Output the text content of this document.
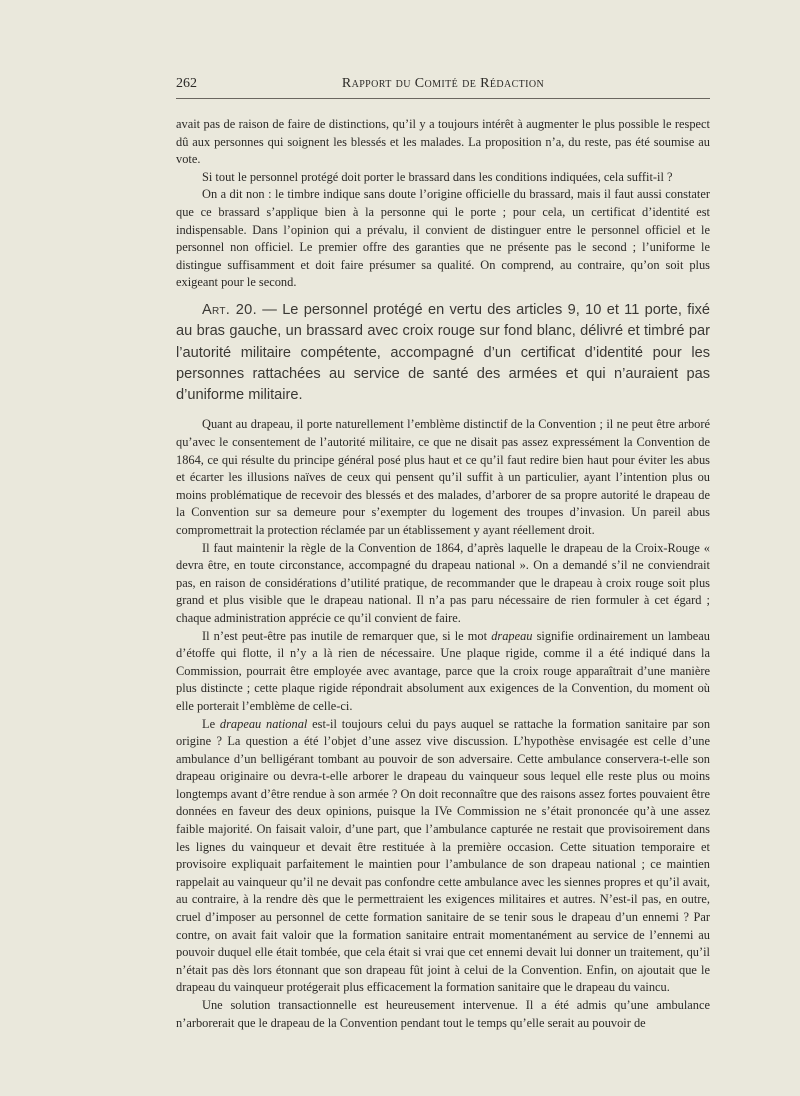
262	Rapport du Comité de Rédaction

avait pas de raison de faire de distinctions, qu’il y a toujours intérêt à augmenter le plus possible le respect dû aux personnes qui soignent les blessés et les malades. La proposition n’a, du reste, pas été soumise au vote.

Si tout le personnel protégé doit porter le brassard dans les conditions indiquées, cela suffit-il ?

On a dit non : le timbre indique sans doute l’origine officielle du brassard, mais il faut aussi constater que ce brassard s’applique bien à la personne qui le porte ; pour cela, un certificat d’identité est indispensable. Dans l’opinion qui a prévalu, il convient de distinguer entre le personnel officiel et le personnel non officiel. Le premier offre des garanties que ne présente pas le second ; l’uniforme le distingue suffisamment et doit faire présumer sa qualité. On comprend, au contraire, qu’on soit plus exigeant pour le second.

Art. 20. — Le personnel protégé en vertu des articles 9, 10 et 11 porte, fixé au bras gauche, un brassard avec croix rouge sur fond blanc, délivré et timbré par l’autorité militaire compétente, accompagné d’un certificat d’identité pour les personnes rattachées au service de santé des armées et qui n’auraient pas d’uniforme militaire.

Quant au drapeau, il porte naturellement l’emblème distinctif de la Convention ; il ne peut être arboré qu’avec le consentement de l’autorité militaire, ce que ne disait pas assez expressément la Convention de 1864, ce qui résulte du principe général posé plus haut et ce qu’il faut redire bien haut pour éviter les abus et écarter les illusions naïves de ceux qui pensent qu’il suffit à un particulier, ayant l’intention plus ou moins problématique de recevoir des blessés et des malades, d’arborer de sa propre autorité le drapeau de la Convention sur sa demeure pour s’exempter du logement des troupes d’invasion. Un pareil abus compromettrait la protection réclamée par un établissement y ayant réellement droit.

Il faut maintenir la règle de la Convention de 1864, d’après laquelle le drapeau de la Croix-Rouge « devra être, en toute circonstance, accompagné du drapeau national ». On a demandé s’il ne conviendrait pas, en raison de considérations d’utilité pratique, de recommander que le drapeau à croix rouge soit plus grand et plus visible que le drapeau national. Il n’a pas paru nécessaire de rien formuler à cet égard ; chaque administration apprécie ce qu’il convient de faire.

Il n’est peut-être pas inutile de remarquer que, si le mot drapeau signifie ordinairement un lambeau d’étoffe qui flotte, il n’y a là rien de nécessaire. Une plaque rigide, comme il a été indiqué dans la Commission, pourrait être employée avec avantage, parce que la croix rouge apparaîtrait d’une manière plus distincte ; cette plaque rigide répondrait absolument aux exigences de la Convention, du moment où elle porterait l’emblème de celle-ci.

Le drapeau national est-il toujours celui du pays auquel se rattache la formation sanitaire par son origine ? La question a été l’objet d’une assez vive discussion. L’hypothèse envisagée est celle d’une ambulance d’un belligérant tombant au pouvoir de son adversaire. Cette ambulance conservera-t-elle son drapeau originaire ou devra-t-elle arborer le drapeau du vainqueur sous lequel elle reste plus ou moins longtemps avant d’être rendue à son armée ? On doit reconnaître que des raisons assez fortes pouvaient être données en faveur des deux opinions, puisque la IVe Commission ne s’était prononcée qu’à une assez faible majorité. On faisait valoir, d’une part, que l’ambulance capturée ne restait que provisoirement dans les lignes du vainqueur et devait être restituée à la première occasion. Cette situation temporaire et provisoire expliquait parfaitement le maintien pour l’ambulance de son drapeau national ; ce maintien rappelait au vainqueur qu’il ne devait pas confondre cette ambulance avec les siennes propres et qu’il avait, au contraire, à la rendre dès que le permettraient les exigences militaires et autres. N’est-il pas, en outre, cruel d’imposer au personnel de cette formation sanitaire de se tenir sous le drapeau d’un ennemi ? Par contre, on avait fait valoir que la formation sanitaire entrait momentanément au service de l’ennemi au pouvoir duquel elle était tombée, que cela était si vrai que cet ennemi devait lui donner un traitement, qu’il n’était pas dès lors étonnant que son drapeau fût joint à celui de la Convention. Enfin, on ajoutait que le drapeau du vainqueur protégerait plus efficacement la formation sanitaire que le drapeau du vaincu.

Une solution transactionnelle est heureusement intervenue. Il a été admis qu’une ambulance n’arborerait que le drapeau de la Convention pendant tout le temps qu’elle serait au pouvoir de
